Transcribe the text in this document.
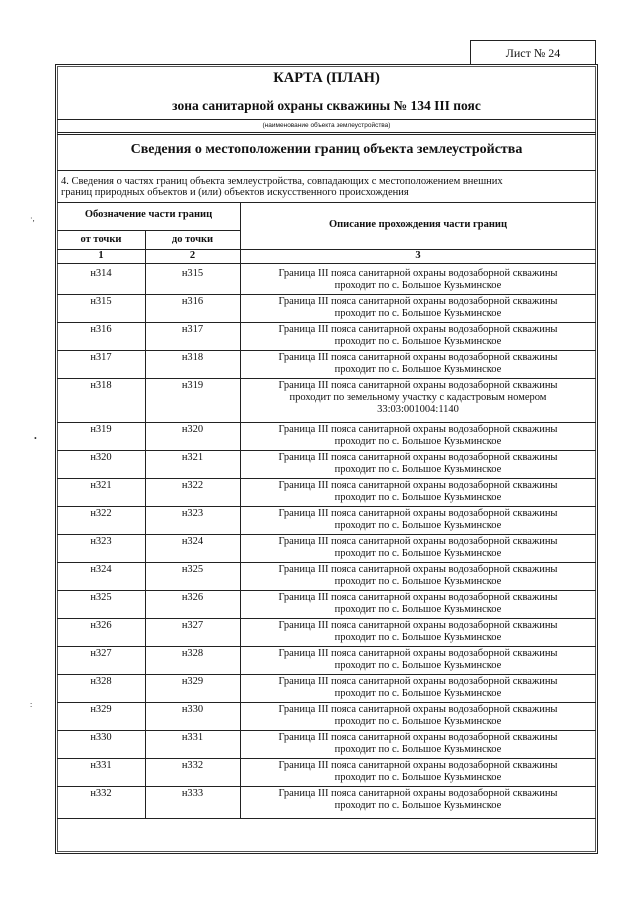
Лист № 24
КАРТА (ПЛАН)
зона санитарной охраны скважины № 134 III пояс
(наименование объекта землеустройства)
Сведения о местоположении границ объекта землеустройства
4. Сведения о частях границ объекта землеустройства, совпадающих с местоположением внешних
границ природных объектов и (или) объектов искусственного происхождения
Обозначение части границ
от точки	до точки
Описание прохождения части границ
1	2	3
н314	н315	Граница III пояса санитарной охраны водозаборной скважины
проходит по с. Большое Кузьминское
н315	н316	Граница III пояса санитарной охраны водозаборной скважины
проходит по с. Большое Кузьминское
н316	н317	Граница III пояса санитарной охраны водозаборной скважины
проходит по с. Большое Кузьминское
н317	н318	Граница III пояса санитарной охраны водозаборной скважины
проходит по с. Большое Кузьминское
н318	н319	Граница III пояса санитарной охраны водозаборной скважины
проходит по земельному участку с кадастровым номером
33:03:001004:1140
н319	н320	Граница III пояса санитарной охраны водозаборной скважины
проходит по с. Большое Кузьминское
н320	н321	Граница III пояса санитарной охраны водозаборной скважины
проходит по с. Большое Кузьминское
н321	н322	Граница III пояса санитарной охраны водозаборной скважины
проходит по с. Большое Кузьминское
н322	н323	Граница III пояса санитарной охраны водозаборной скважины
проходит по с. Большое Кузьминское
н323	н324	Граница III пояса санитарной охраны водозаборной скважины
проходит по с. Большое Кузьминское
н324	н325	Граница III пояса санитарной охраны водозаборной скважины
проходит по с. Большое Кузьминское
н325	н326	Граница III пояса санитарной охраны водозаборной скважины
проходит по с. Большое Кузьминское
н326	н327	Граница III пояса санитарной охраны водозаборной скважины
проходит по с. Большое Кузьминское
н327	н328	Граница III пояса санитарной охраны водозаборной скважины
проходит по с. Большое Кузьминское
н328	н329	Граница III пояса санитарной охраны водозаборной скважины
проходит по с. Большое Кузьминское
н329	н330	Граница III пояса санитарной охраны водозаборной скважины
проходит по с. Большое Кузьминское
н330	н331	Граница III пояса санитарной охраны водозаборной скважины
проходит по с. Большое Кузьминское
н331	н332	Граница III пояса санитарной охраны водозаборной скважины
проходит по с. Большое Кузьминское
н332	н333	Граница III пояса санитарной охраны водозаборной скважины
проходит по с. Большое Кузьминское
·,
•
:
